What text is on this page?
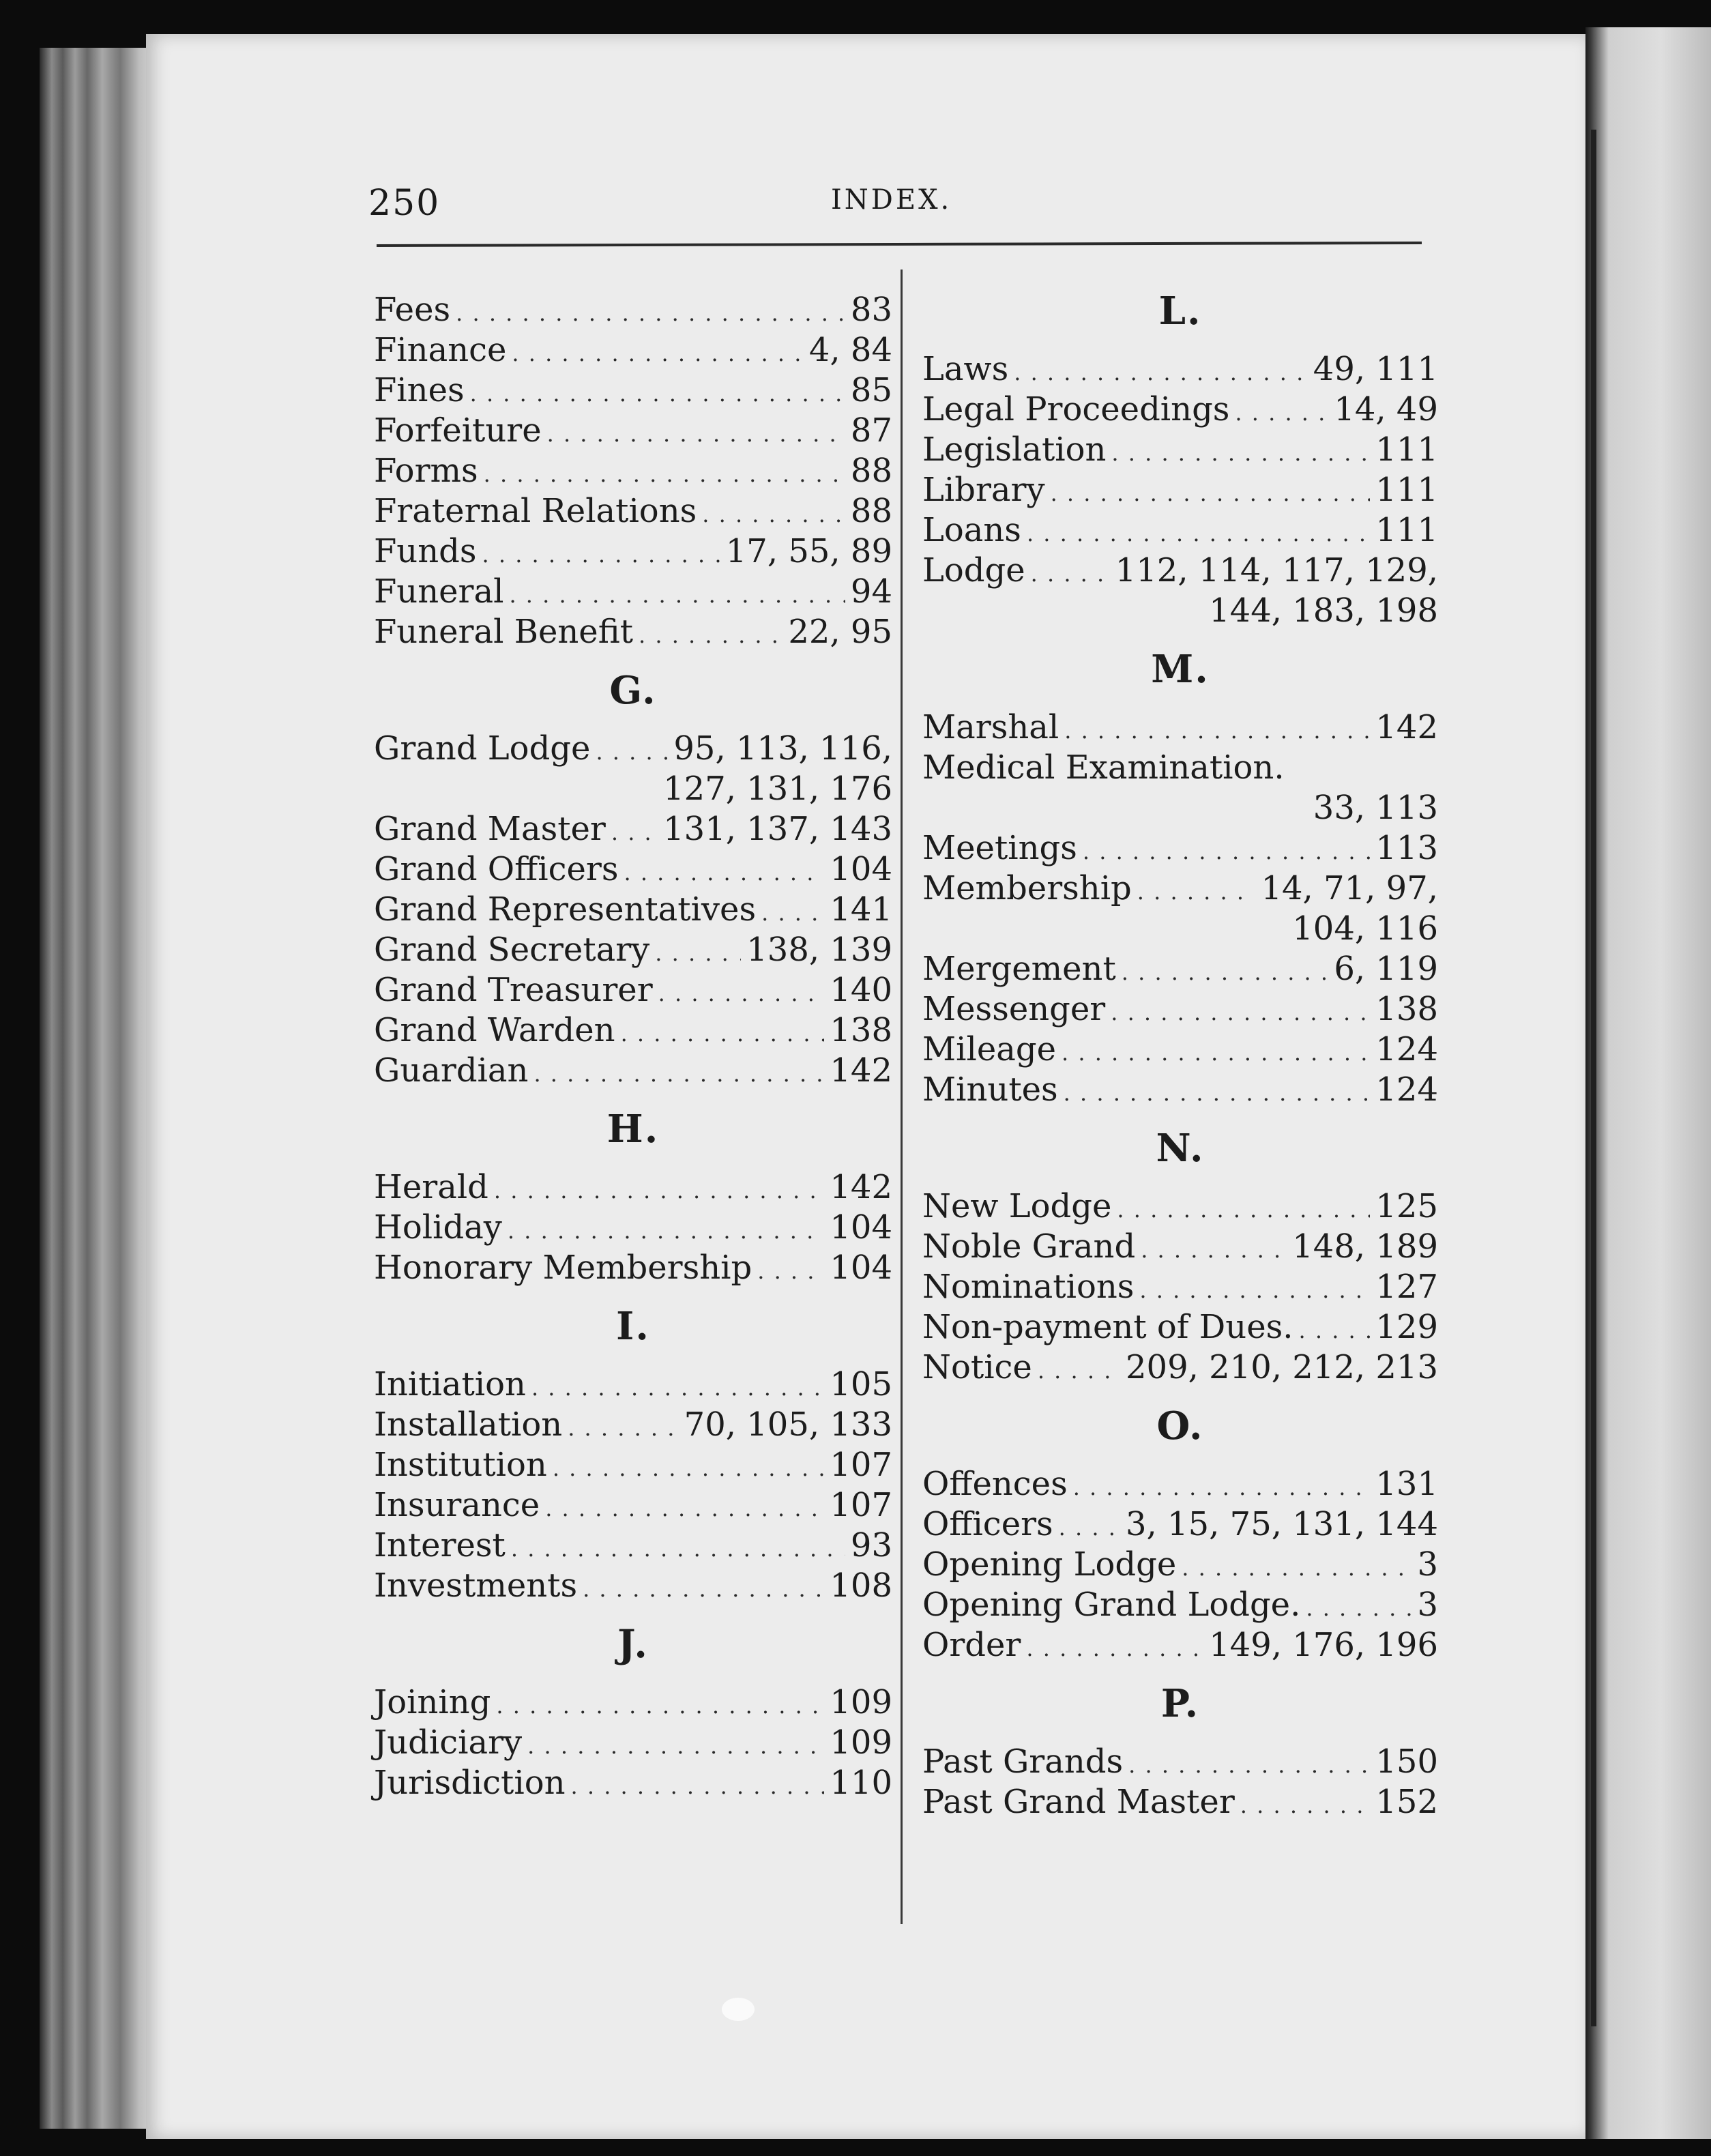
250	INDEX.
Fees . . .	83
Finance . . .	4, 84
Fines . . .	85
Forfeiture . . .	87
Forms . . .	88
Fraternal Relations . . .	88
Funds . . .	17, 55, 89
Funeral . . .	94
Funeral Benefit . . .	22, 95
G.
Grand Lodge . . .	95, 113, 116,
127, 131, 176
Grand Master . . . 131, 137, 143
Grand Officers . . .	104
Grand Representatives . . . 141
Grand Secretary . . .	138, 139
Grand Treasurer . . .	140
Grand Warden . . .	138
Guardian . . .	142
H.
Herald . . .	142
Holiday . . .	104
Honorary Membership . . . 104
I.
Initiation . . .	105
Installation . . .	70, 105, 133
Institution . . .	107
Insurance . . .	107
Interest . . .	93
Investments . . .	108
J.
Joining . . .	109
Judiciary . . .	109
Jurisdiction . . .	110
L.
Laws . . .	49, 111
Legal Proceedings . . .	14, 49
Legislation . . .	111
Library . . .	111
Loans . . .	111
Lodge . . .	112, 114, 117, 129,
144, 183, 198
M.
Marshal . . .	142
Medical Examination.
33, 113
Meetings . . .	113
Membership . . .	14, 71, 97,
104, 116
Mergement . . .	6, 119
Messenger . . .	138
Mileage . . .	124
Minutes . . .	124
N.
New Lodge . . .	125
Noble Grand . . .	148, 189
Nominations . . .	127
Non-payment of Dues. . . .	129
Notice . . .	209, 210, 212, 213
O.
Offences . . .	131
Officers . . . 3, 15, 75, 131, 144
Opening Lodge . . .	3
Opening Grand Lodge. . . .	3
Order . . .	149, 176, 196
P.
Past Grands . . .	150
Past Grand Master . . .	152
